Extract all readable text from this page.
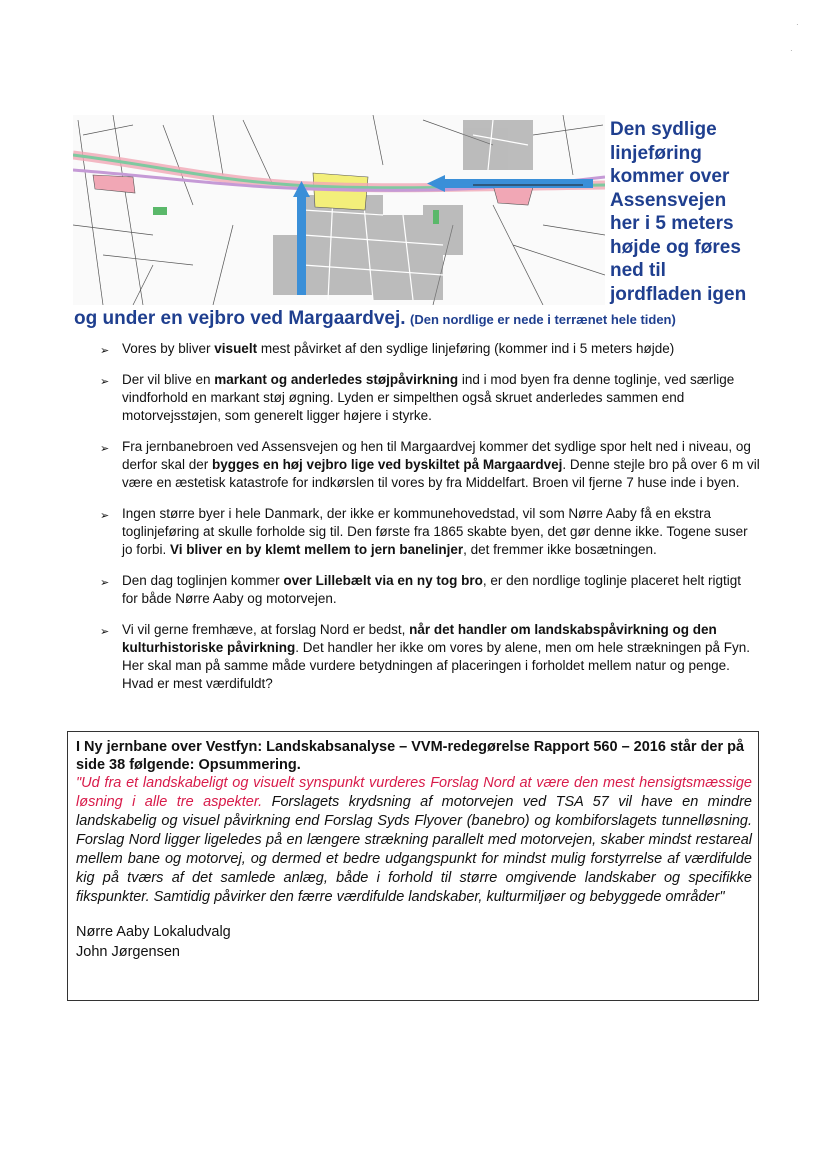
·
·
Den sydlige
linjeføring
kommer over
Assensvejen
her i 5 meters
højde og føres
ned til
jordfladen igen
og under en vejbro ved Margaardvej. (Den nordlige er nede i terrænet hele tiden)
➢
Vores by bliver visuelt mest påvirket af den sydlige linjeføring (kommer ind i 5 meters højde)
➢
Der vil blive en markant og anderledes støjpåvirkning ind i mod byen fra denne toglinje, ved særlige vindforhold en markant støj øgning. Lyden er simpelthen også skruet anderledes sammen end motorvejsstøjen, som generelt ligger højere i styrke.
➢
Fra jernbanebroen ved Assensvejen og hen til Margaardvej kommer det sydlige spor helt ned i niveau, og derfor skal der bygges en høj vejbro lige ved byskiltet på Margaardvej. Denne stejle bro på over 6 m vil være en æstetisk katastrofe for indkørslen til vores by fra Middelfart. Broen vil fjerne 7 huse inde i byen.
➢
Ingen større byer i hele Danmark, der ikke er kommunehovedstad, vil som Nørre Aaby få en ekstra toglinjeføring at skulle forholde sig til. Den første fra 1865 skabte byen, det gør denne ikke. Togene suser jo forbi. Vi bliver en by klemt mellem to jern banelinjer, det fremmer ikke bosætningen.
➢
Den dag toglinjen kommer over Lillebælt via en ny tog bro, er den nordlige toglinje placeret helt rigtigt for både Nørre Aaby og motorvejen.
➢
Vi vil gerne fremhæve, at forslag Nord er bedst, når det handler om landskabspåvirkning og den kulturhistoriske påvirkning. Det handler her ikke om vores by alene, men om hele strækningen på Fyn. Her skal man på samme måde vurdere betydningen af placeringen i forholdet mellem natur og penge. Hvad er mest værdifuldt?
I Ny jernbane over Vestfyn: Landskabsanalyse – VVM-redegørelse Rapport 560 – 2016 står der på side 38 følgende: Opsummering.
"Ud fra et landskabeligt og visuelt synspunkt vurderes Forslag Nord at være den mest hensigtsmæssige løsning i alle tre aspekter. Forslagets krydsning af motorvejen ved TSA 57 vil have en mindre landskabelig og visuel påvirkning end Forslag Syds Flyover (banebro) og kombiforslagets tunnelløsning. Forslag Nord ligger ligeledes på en længere strækning parallelt med motorvejen, skaber mindst restareal mellem bane og motorvej, og dermed et bedre udgangspunkt for mindst mulig forstyrrelse af værdifulde kig på tværs af det samlede anlæg, både i forhold til større omgivende landskaber og specifikke fikspunkter. Samtidig påvirker den færre værdifulde landskaber, kulturmiljøer og bebyggede områder"
Nørre Aaby Lokaludvalg
John Jørgensen
